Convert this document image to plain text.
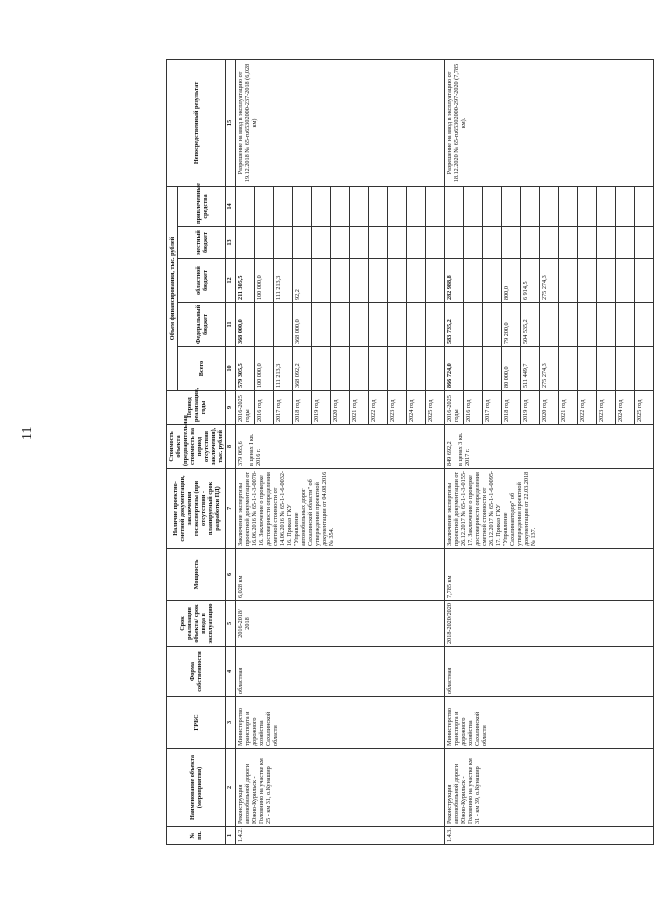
11
№ пп.	Наименование объекта (мероприятия)	ГРБС	Форма собственности	Срок реализации объекта/ срок ввода в эксплуатацию	Мощность	Наличие проектно-сметной документации, заключения госэкспертизы (при отсутствии - планируемый срок разработки ПД)	Стоимость объекта (предварительная стоимость на период отсутствия заключения), тыс. рублей	Период реализации, годы	Объем финансирования, тыс. рублей					Непосредственный результат
									Всего	Федеральный бюджет	областной бюджет	местный бюджет	привлеченные средства	
1	2	3	4	5	6	7	8	9	10	11	12	13	14	15
1.4.2.	Реконструкция автомобильной дороги Южно-Курильск - Головнино на участке км 25 - км 31, о.Кунашир	Министерство транспорта и дорожного хозяйства Сахалинской области	областная	2016-2018/ 2018	6,028 км	Заключение экспертизы проектной документации от 16.06.2016 № 65-1-1-3-0078-16. Заключение о проверке достоверности определения сметной стоимости от 14.06.2016 № 65-1-1-6-0032-16. Приказ ГКУ "Управление автомобильных дорог Сахалинской области" об утверждении проектной документации от 04.08.2016 № 354.	379 065,6 в ценах I кв. 2016 г.	2016-2025 годы	579 305,5	368 000,0	211 305,5			Разрешение на ввод в эксплуатацию от 19.12.2018 № 65-ru65302000-237-2018 (6,028 км)
								2016 год	100 000,0		100 000,0			
								2017 год	111 213,3		111 213,3			
								2018 год	368 092,2	368 000,0	92,2			
								2019 год						
								2020 год						
								2021 год						
								2022 год						
								2023 год						
								2024 год						
								2025 год						
1.4.3.	Реконструкция автомобильной дороги Южно-Курильск - Головнино на участке км 31 - км 39, о.Кунашир	Министерство транспорта и дорожного хозяйства Сахалинской области	областная	2018-2020/2020	7,785 км	Заключение экспертизы проектной документации от 26.12.2017 № 65-1-1-3-0155-17. Заключение о проверке достоверности определения сметной стоимости от 26.12.2017 № 65-1-1-6-0095-17. Приказ ГКУ "Управление Сахалинавтодор" об утверждении проектной документации от 22.03.2018 № 137.	849 692,2 в ценах 3 кв. 2017 г.	2016-2025 годы	866 724,0	583 735,2	282 988,8			Разрешение на ввод в эксплуатацию от 18.12.2020 № 65-ru65302000-297-2020 (7,785 км).
								2016 год						
								2017 год						
								2018 год	80 000,0	79 200,0	800,0			
								2019 год	511 449,7	504 535,2	6 914,5			
								2020 год	275 274,3		275 274,3			
								2021 год						
								2022 год						
								2023 год						
								2024 год						
								2025 год						
